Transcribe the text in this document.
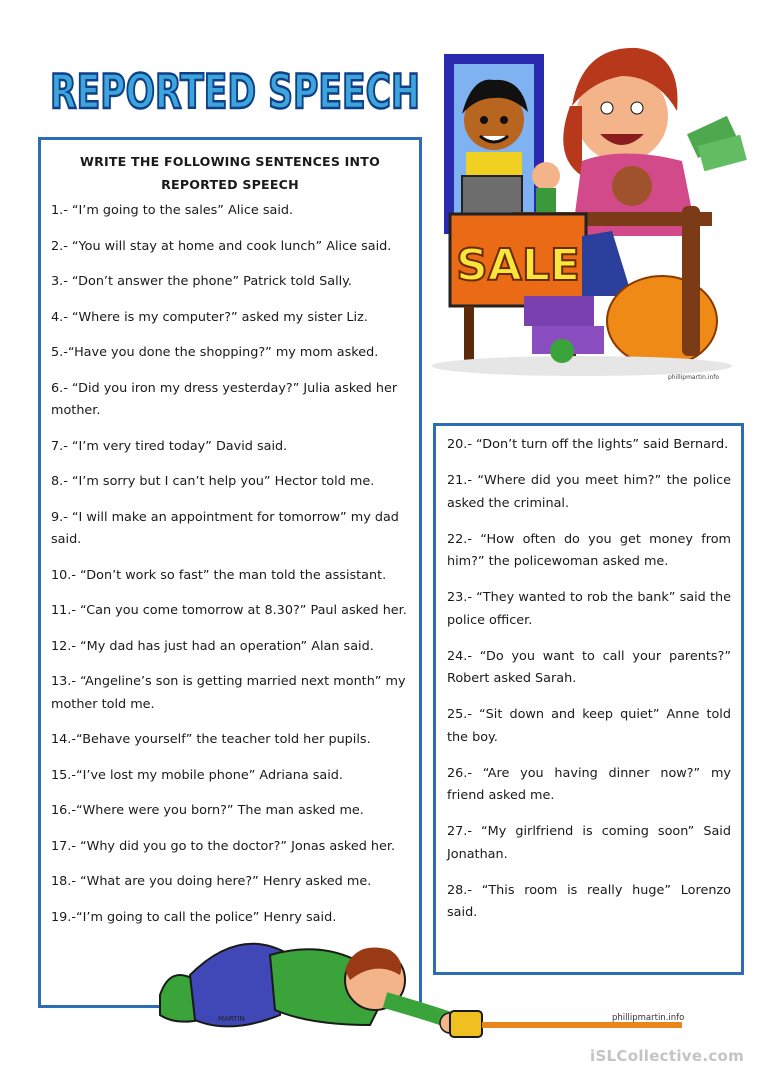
REPORTED SPEECH
SALE
phillipmartin.info

WRITE THE FOLLOWING SENTENCES INTO
REPORTED SPEECH

1.- “I’m going to the sales” Alice said.

2.- “You will stay at home and cook lunch” Alice said.

3.- “Don’t answer the phone” Patrick told Sally.

4.- “Where is my computer?” asked my sister Liz.

5.-“Have you done the shopping?” my mom asked.

6.- “Did you iron my dress yesterday?” Julia asked her mother.

7.- “I’m very tired today” David said.

8.- “I’m sorry but I can’t help you” Hector told me.

9.- “I will make an appointment for tomorrow” my dad said.

10.- “Don’t work so fast” the man told the assistant.

11.- “Can you come tomorrow at 8.30?” Paul asked her.

12.- “My dad has just had an operation” Alan said.

13.- “Angeline’s son is getting married next month” my mother told me.

14.-“Behave yourself” the teacher told her pupils.

15.-“I’ve lost my mobile phone” Adriana said.

16.-“Where were you born?” The man asked me.

17.- “Why did you go to the doctor?” Jonas asked her.

18.- “What are you doing here?” Henry asked me.

19.-“I’m going to call the police” Henry said.

20.- “Don’t turn off the lights” said Bernard.

21.- “Where did you meet him?” the police asked the criminal.

22.- “How often do you get money from him?” the policewoman asked me.

23.- “They wanted to rob the bank” said the police officer.

24.- “Do you want to call your parents?” Robert asked Sarah.

25.- “Sit down and keep quiet” Anne told the boy.

26.- “Are you having dinner now?” my friend asked me.

27.- “My girlfriend is coming soon” Said Jonathan.

28.- “This room is really huge” Lorenzo said.

MARTIN	phillipmartin.info
iSLCollective.com
